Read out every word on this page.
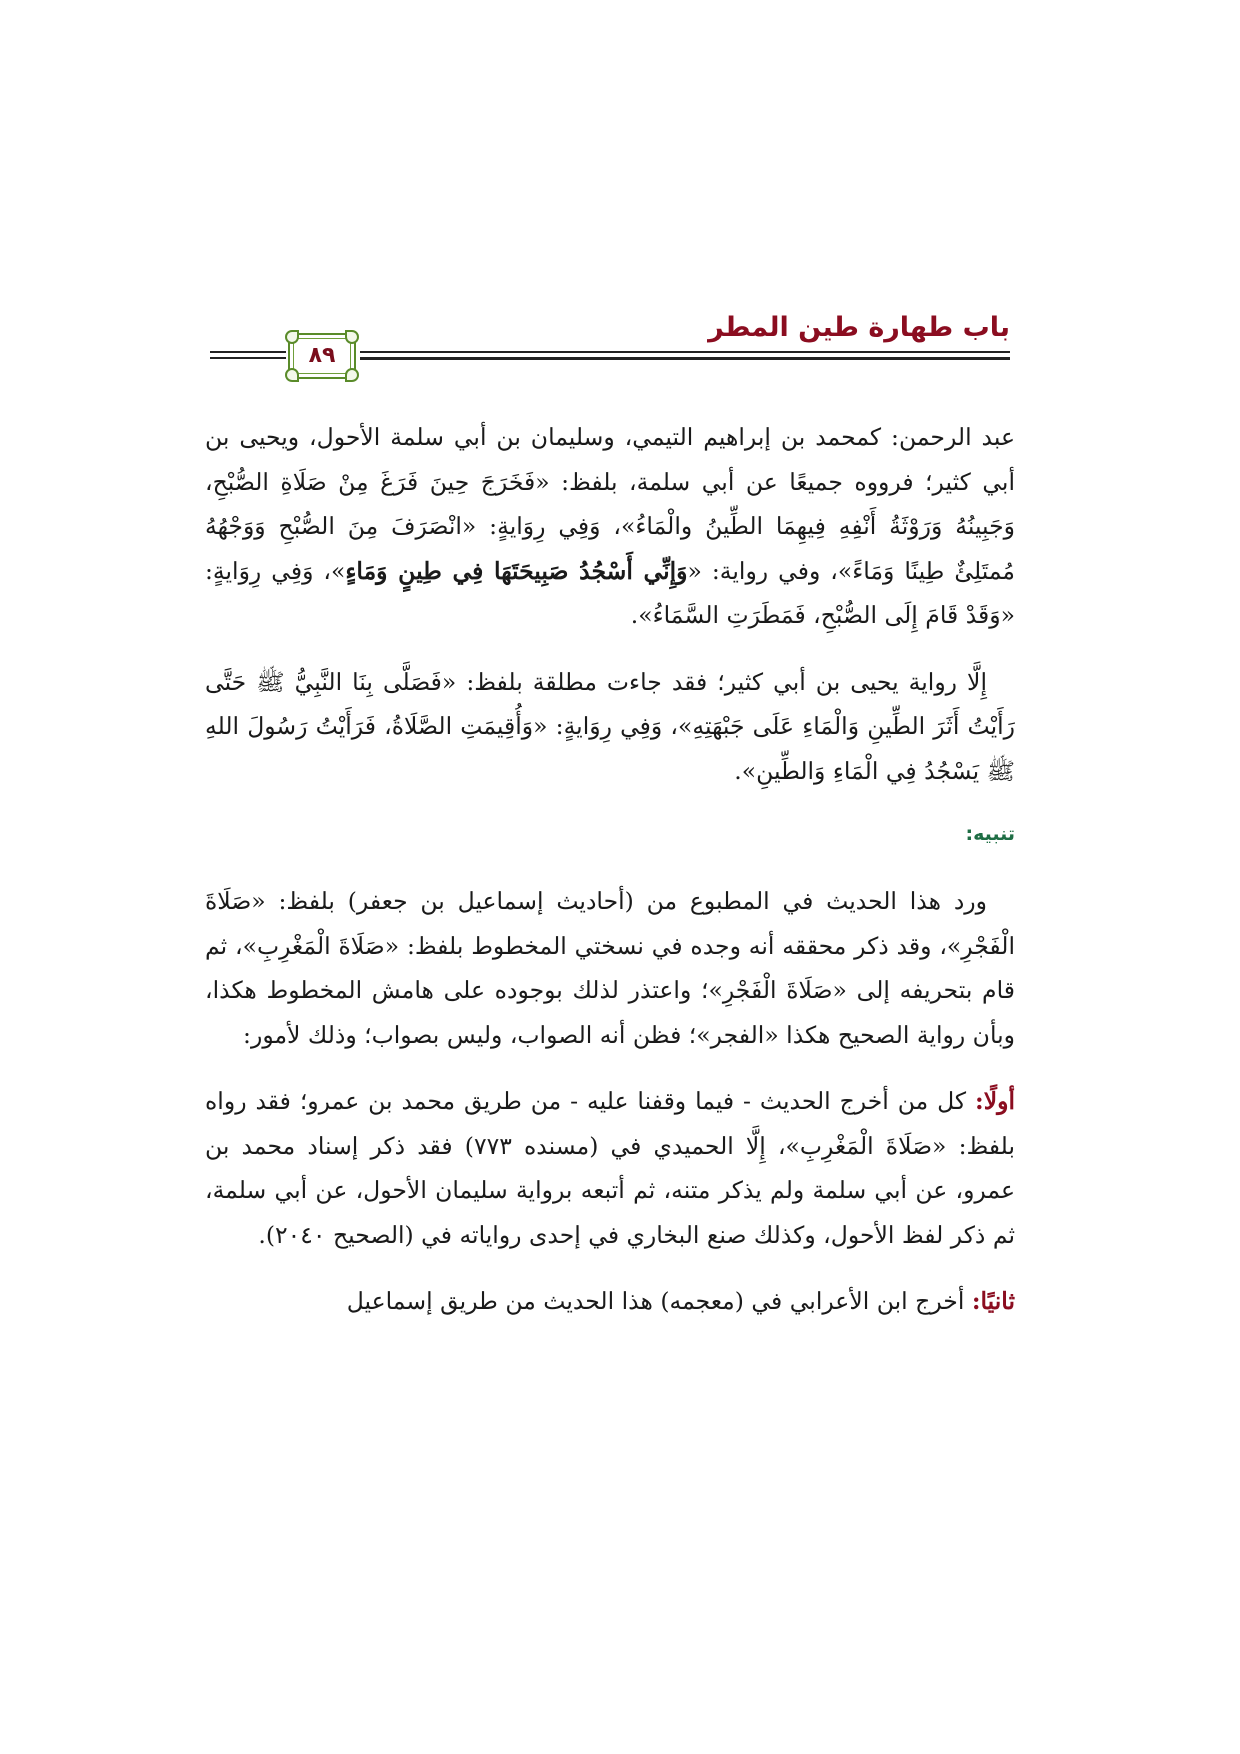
باب طهارة طين المطر
٨٩

عبد الرحمن: كمحمد بن إبراهيم التيمي، وسليمان بن أبي سلمة الأحول، ويحيى بن أبي كثير؛ فرووه جميعًا عن أبي سلمة، بلفظ: «فَخَرَجَ حِينَ فَرَغَ مِنْ صَلَاةِ الصُّبْحِ، وَجَبِينُهُ وَرَوْثَةُ أَنْفِهِ فِيهِمَا الطِّينُ والْمَاءُ»، وَفِي رِوَايةٍ: «انْصَرَفَ مِنَ الصُّبْحِ وَوَجْهُهُ مُمتَلِئٌ طِينًا وَمَاءً»، وفي رواية: «وَإِنِّي أَسْجُدُ صَبِيحَتَهَا فِي طِينٍ وَمَاءٍ»، وَفِي رِوَايةٍ: «وَقَدْ قَامَ إِلَى الصُّبْحِ، فَمَطَرَتِ السَّمَاءُ».

إِلَّا رواية يحيى بن أبي كثير؛ فقد جاءت مطلقة بلفظ: «فَصَلَّى بِنَا النَّبِيُّ ﷺ حَتَّى رَأَيْتُ أَثَرَ الطِّينِ وَالْمَاءِ عَلَى جَبْهَتِهِ»، وَفِي رِوَايةٍ: «وَأُقِيمَتِ الصَّلَاةُ، فَرَأَيْتُ رَسُولَ اللهِ ﷺ يَسْجُدُ فِي الْمَاءِ وَالطِّينِ».

تنبيه:

ورد هذا الحديث في المطبوع من (أحاديث إسماعيل بن جعفر) بلفظ: «صَلَاةَ الْفَجْرِ»، وقد ذكر محققه أنه وجده في نسختي المخطوط بلفظ: «صَلَاةَ الْمَغْرِبِ»، ثم قام بتحريفه إلى «صَلَاةَ الْفَجْرِ»؛ واعتذر لذلك بوجوده على هامش المخطوط هكذا، وبأن رواية الصحيح هكذا «الفجر»؛ فظن أنه الصواب، وليس بصواب؛ وذلك لأمور:

أولًا: كل من أخرج الحديث - فيما وقفنا عليه - من طريق محمد بن عمرو؛ فقد رواه بلفظ: «صَلَاةَ الْمَغْرِبِ»، إِلَّا الحميدي في (مسنده ٧٧٣) فقد ذكر إسناد محمد بن عمرو، عن أبي سلمة ولم يذكر متنه، ثم أتبعه برواية سليمان الأحول، عن أبي سلمة، ثم ذكر لفظ الأحول، وكذلك صنع البخاري في إحدى رواياته في (الصحيح ٢٠٤٠).

ثانيًا: أخرج ابن الأعرابي في (معجمه) هذا الحديث من طريق إسماعيل
